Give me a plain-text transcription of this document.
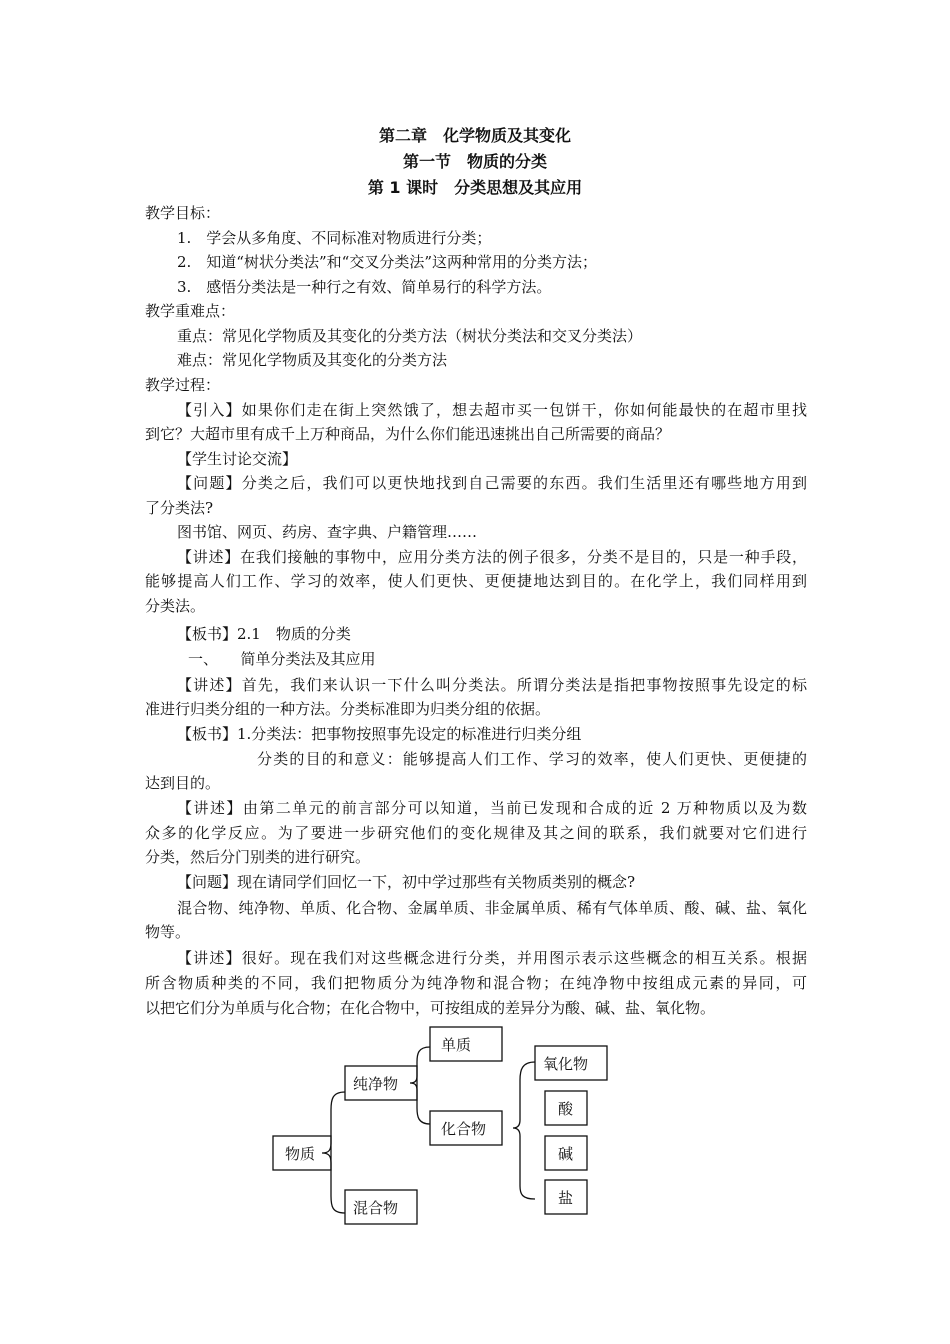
第二章　化学物质及其变化
第一节　物质的分类
第 1 课时　分类思想及其应用
教学目标：
1.　学会从多角度、不同标准对物质进行分类；
2.　知道“树状分类法”和“交叉分类法”这两种常用的分类方法；
3.　感悟分类法是一种行之有效、简单易行的科学方法。
教学重难点：
重点：常见化学物质及其变化的分类方法（树状分类法和交叉分类法）
难点：常见化学物质及其变化的分类方法
教学过程：
【引入】如果你们走在街上突然饿了，想去超市买一包饼干，你如何能最快的在超市里找
到它？大超市里有成千上万种商品，为什么你们能迅速挑出自己所需要的商品？
【学生讨论交流】
【问题】分类之后，我们可以更快地找到自己需要的东西。我们生活里还有哪些地方用到
了分类法?
图书馆、网页、药房、查字典、户籍管理……
【讲述】在我们接触的事物中，应用分类方法的例子很多，分类不是目的，只是一种手段，
能够提高人们工作、学习的效率，使人们更快、更便捷地达到目的。在化学上，我们同样用到
分类法。
【板书】2.1　物质的分类
一、　　简单分类法及其应用
【讲述】首先，我们来认识一下什么叫分类法。所谓分类法是指把事物按照事先设定的标
准进行归类分组的一种方法。分类标准即为归类分组的依据。
【板书】1.分类法：把事物按照事先设定的标准进行归类分组
分类的目的和意义：能够提高人们工作、学习的效率，使人们更快、更便捷的
达到目的。
【讲述】由第二单元的前言部分可以知道，当前已发现和合成的近 2 万种物质以及为数
众多的化学反应。为了要进一步研究他们的变化规律及其之间的联系，我们就要对它们进行
分类，然后分门别类的进行研究。
【问题】现在请同学们回忆一下，初中学过那些有关物质类别的概念?
混合物、纯净物、单质、化合物、金属单质、非金属单质、稀有气体单质、酸、碱、盐、氧化
物等。
【讲述】很好。现在我们对这些概念进行分类，并用图示表示这些概念的相互关系。根据
所含物质种类的不同，我们把物质分为纯净物和混合物；在纯净物中按组成元素的异同，可
以把它们分为单质与化合物；在化合物中，可按组成的差异分为酸、碱、盐、氧化物。
物质
纯净物
混合物
单质
化合物
氧化物
酸
碱
盐
